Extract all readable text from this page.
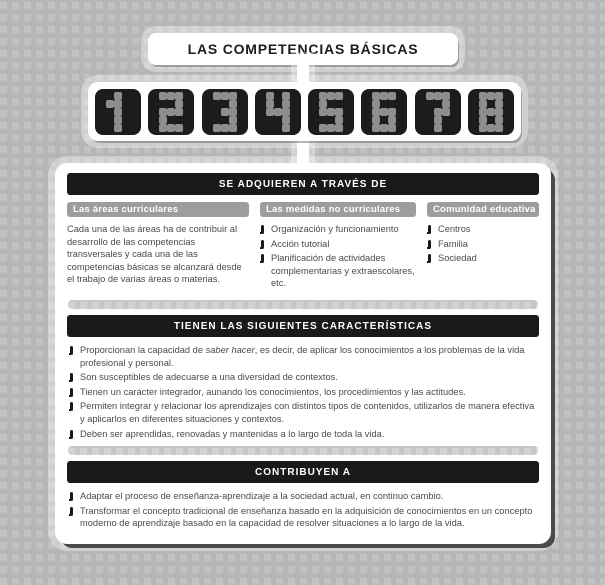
LAS COMPETENCIAS BÁSICAS
SE ADQUIEREN A TRAVÉS DE
Las áreas curriculares
Cada una de las áreas ha de contribuir al desarrollo de las competencias transversales y cada una de las competencias básicas se alcanzará desde el trabajo de varias áreas o materias.
Las medidas no curriculares
Organización y funcionamiento
Acción tutorial
Planificación de actividades complementarias y extraescolares, etc.
Comunidad educativa
Centros
Familia
Sociedad
TIENEN LAS SIGUIENTES CARACTERÍSTICAS
Proporcionan la capacidad de saber hacer, es decir, de aplicar los conocimientos a los problemas de la vida profesional y personal.
Son susceptibles de adecuarse a una diversidad de contextos.
Tienen un carácter integrador, aunando los conocimientos, los procedimientos y las actitudes.
Permiten integrar y relacionar los aprendizajes con distintos tipos de contenidos, utilizarlos de manera efectiva y aplicarlos en diferentes situaciones y contextos.
Deben ser aprendidas, renovadas y mantenidas a lo largo de toda la vida.
CONTRIBUYEN A
Adaptar el proceso de enseñanza-aprendizaje a la sociedad actual, en continuo cambio.
Transformar el concepto tradicional de enseñanza basado en la adquisición de conocimientos en un concepto moderno de aprendizaje basado en la capacidad de resolver situaciones a lo largo de la vida.
